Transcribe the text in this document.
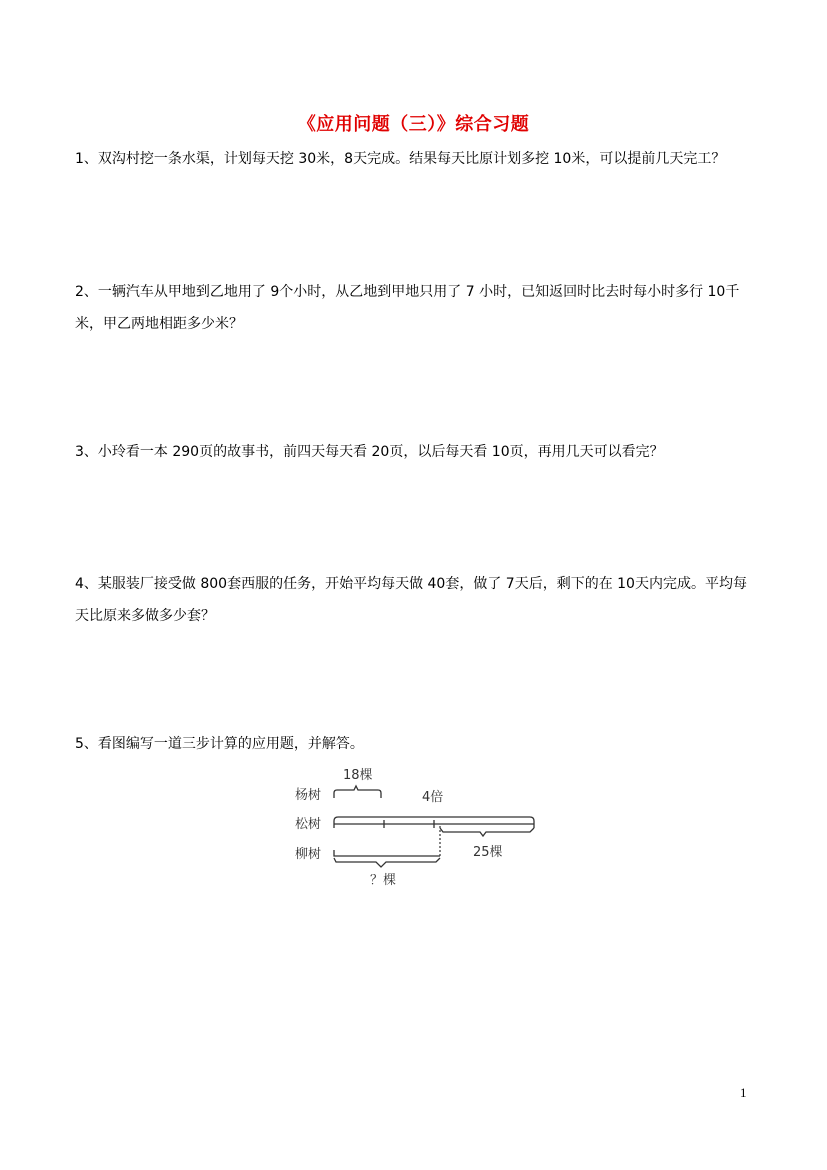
《应用问题（三）》综合习题
1、双沟村挖一条水渠，计划每天挖 30米，8天完成。结果每天比原计划多挖 10米，可以提前几天完工？
2、一辆汽车从甲地到乙地用了 9个小时，从乙地到甲地只用了 7 小时，已知返回时比去时每小时多行 10千米，甲乙两地相距多少米？
3、小玲看一本 290页的故事书，前四天每天看 20页，以后每天看 10页，再用几天可以看完？
4、某服装厂接受做 800套西服的任务，开始平均每天做 40套，做了 7天后，剩下的在 10天内完成。平均每天比原来多做多少套？
5、看图编写一道三步计算的应用题，并解答。
杨树
松树
柳树
18棵
4倍
25棵
？棵
1
